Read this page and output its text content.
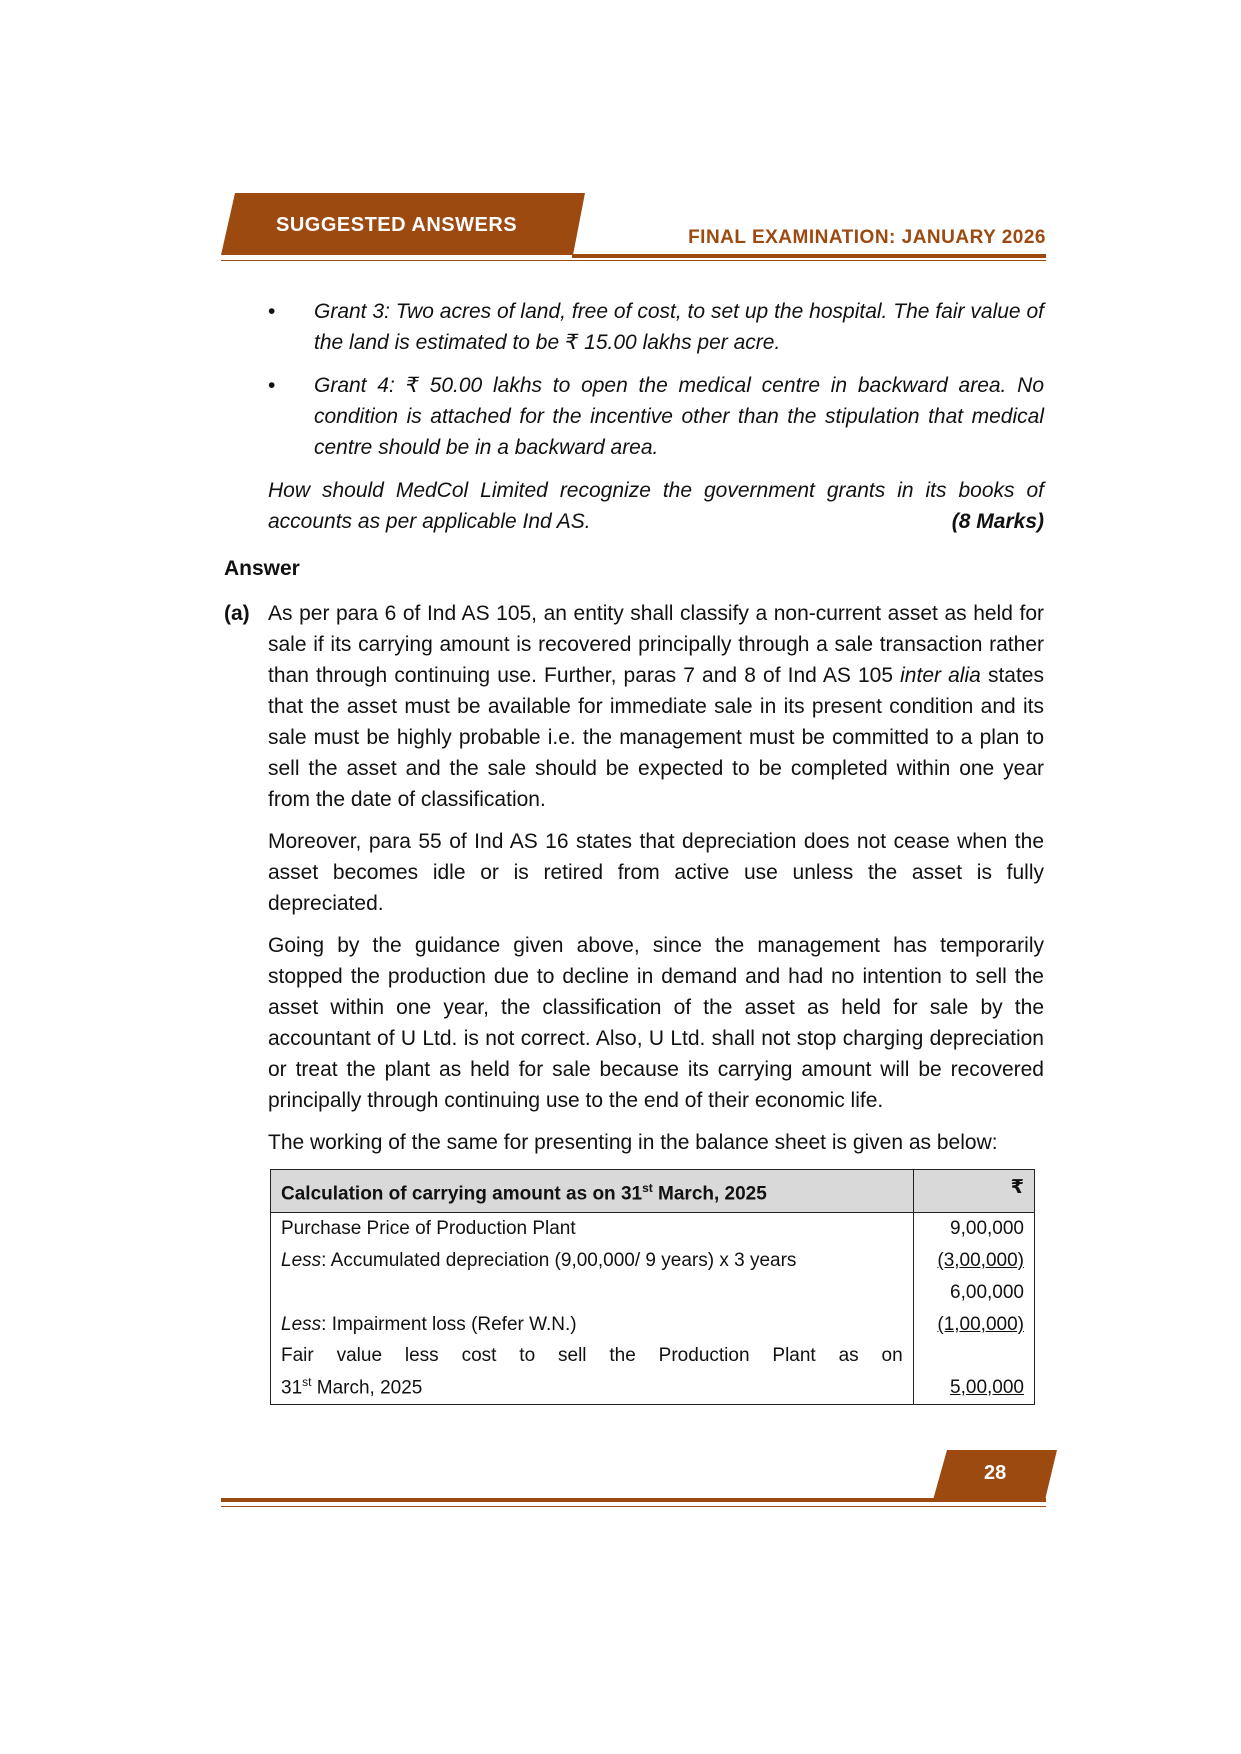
SUGGESTED ANSWERS
FINAL EXAMINATION: JANUARY 2026
• Grant 3: Two acres of land, free of cost, to set up the hospital. The fair value of the land is estimated to be ₹ 15.00 lakhs per acre.
• Grant 4: ₹ 50.00 lakhs to open the medical centre in backward area. No condition is attached for the incentive other than the stipulation that medical centre should be in a backward area.
How should MedCol Limited recognize the government grants in its books of
accounts as per applicable Ind AS.	(8 Marks)
Answer
(a) As per para 6 of Ind AS 105, an entity shall classify a non-current asset as held for sale if its carrying amount is recovered principally through a sale transaction rather than through continuing use. Further, paras 7 and 8 of Ind AS 105 inter alia states that the asset must be available for immediate sale in its present condition and its sale must be highly probable i.e. the management must be committed to a plan to sell the asset and the sale should be expected to be completed within one year from the date of classification.
Moreover, para 55 of Ind AS 16 states that depreciation does not cease when the asset becomes idle or is retired from active use unless the asset is fully depreciated.
Going by the guidance given above, since the management has temporarily stopped the production due to decline in demand and had no intention to sell the asset within one year, the classification of the asset as held for sale by the accountant of U Ltd. is not correct. Also, U Ltd. shall not stop charging depreciation or treat the plant as held for sale because its carrying amount will be recovered principally through continuing use to the end of their economic life.
The working of the same for presenting in the balance sheet is given as below:
Calculation of carrying amount as on 31st March, 2025	₹
Purchase Price of Production Plant	9,00,000
Less: Accumulated depreciation (9,00,000/ 9 years) x 3 years	(3,00,000)
	6,00,000
Less: Impairment loss (Refer W.N.)	(1,00,000)

Fair value less cost to sell the Production Plant as on
31st March, 2025	5,00,000
28
